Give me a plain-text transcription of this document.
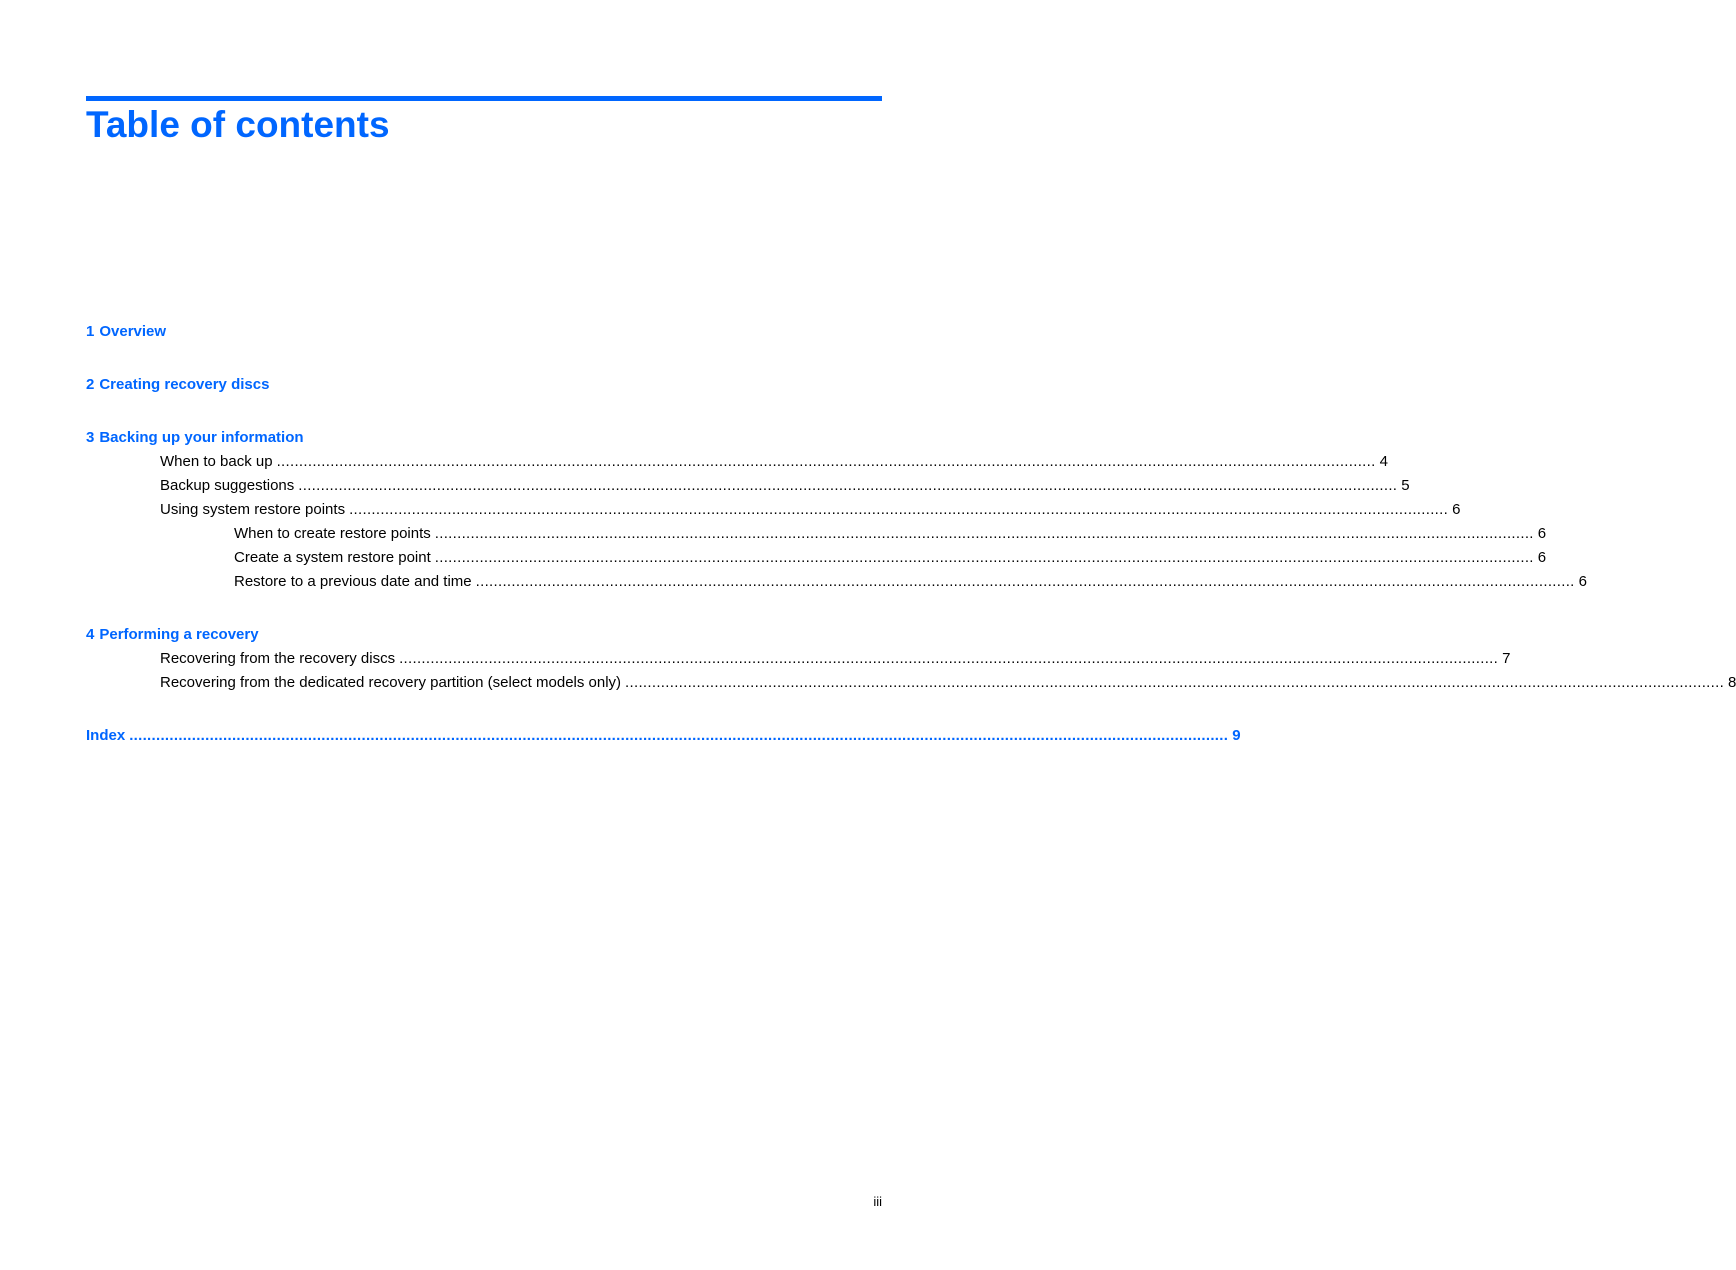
Table of contents
1 Overview
2 Creating recovery discs
3 Backing up your information
When to back up ...................................................................................................................................................................................................................................................... 4
Backup suggestions ...................................................................................................................................................................................................................................................... 5
Using system restore points ...................................................................................................................................................................................................................................................... 6
When to create restore points ...................................................................................................................................................................................................................................................... 6
Create a system restore point ...................................................................................................................................................................................................................................................... 6
Restore to a previous date and time ...................................................................................................................................................................................................................................................... 6
4 Performing a recovery
Recovering from the recovery discs ...................................................................................................................................................................................................................................................... 7
Recovering from the dedicated recovery partition (select models only) ...................................................................................................................................................................................................................................................... 8
Index ...................................................................................................................................................................................................................................................... 9
iii
